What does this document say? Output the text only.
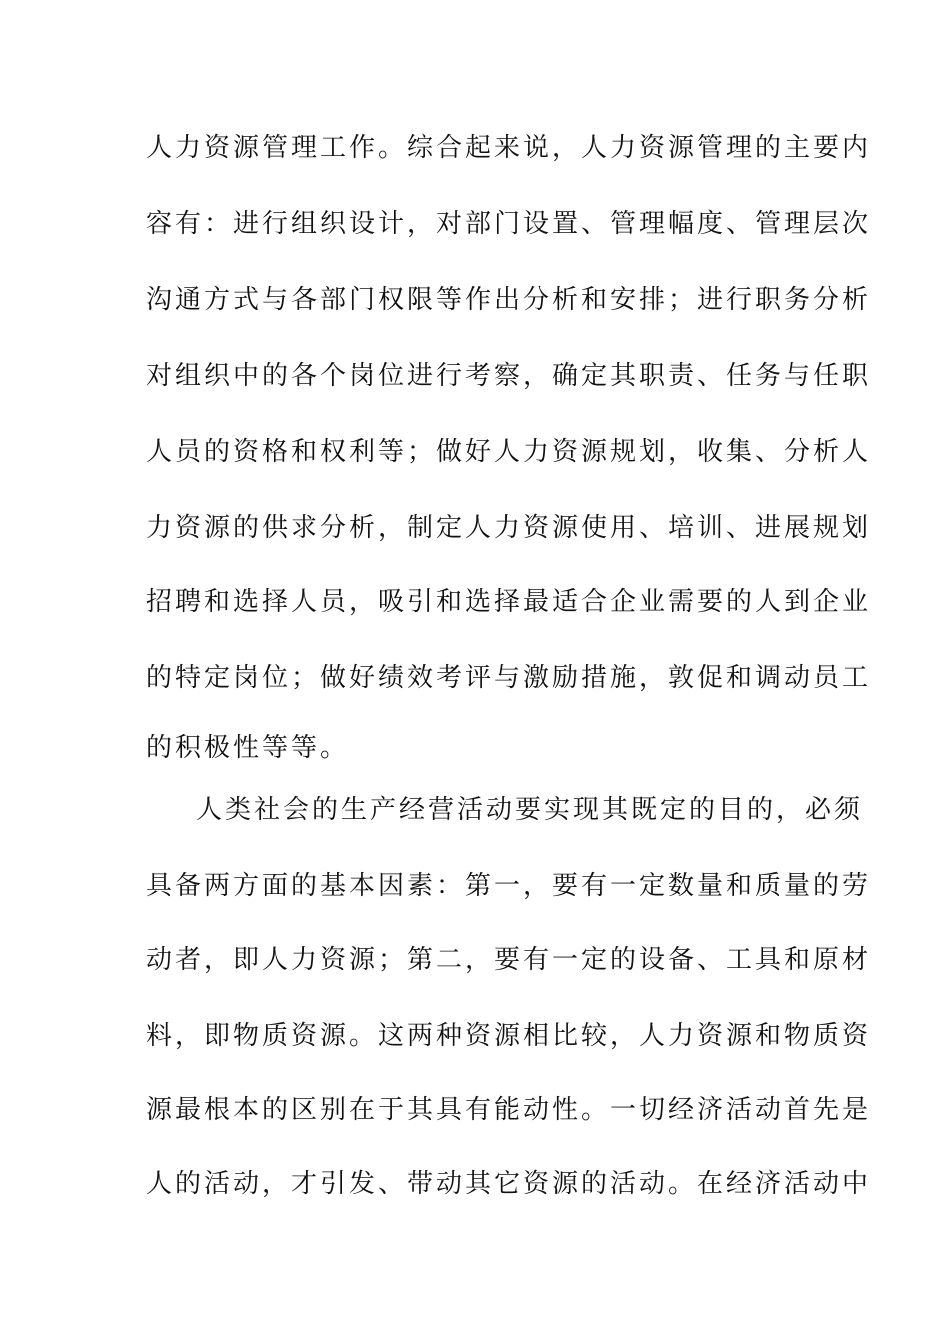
人力资源管理工作。综合起来说，人力资源管理的主要内
容有：进行组织设计，对部门设置、管理幅度、管理层次
沟通方式与各部门权限等作出分析和安排；进行职务分析
对组织中的各个岗位进行考察，确定其职责、任务与任职
人员的资格和权利等；做好人力资源规划，收集、分析人
力资源的供求分析，制定人力资源使用、培训、进展规划
招聘和选择人员，吸引和选择最适合企业需要的人到企业
的特定岗位；做好绩效考评与激励措施，敦促和调动员工
的积极性等等。
人类社会的生产经营活动要实现其既定的目的，必须
具备两方面的基本因素：第一，要有一定数量和质量的劳
动者，即人力资源；第二，要有一定的设备、工具和原材
料，即物质资源。这两种资源相比较，人力资源和物质资
源最根本的区别在于其具有能动性。一切经济活动首先是
人的活动，才引发、带动其它资源的活动。在经济活动中
